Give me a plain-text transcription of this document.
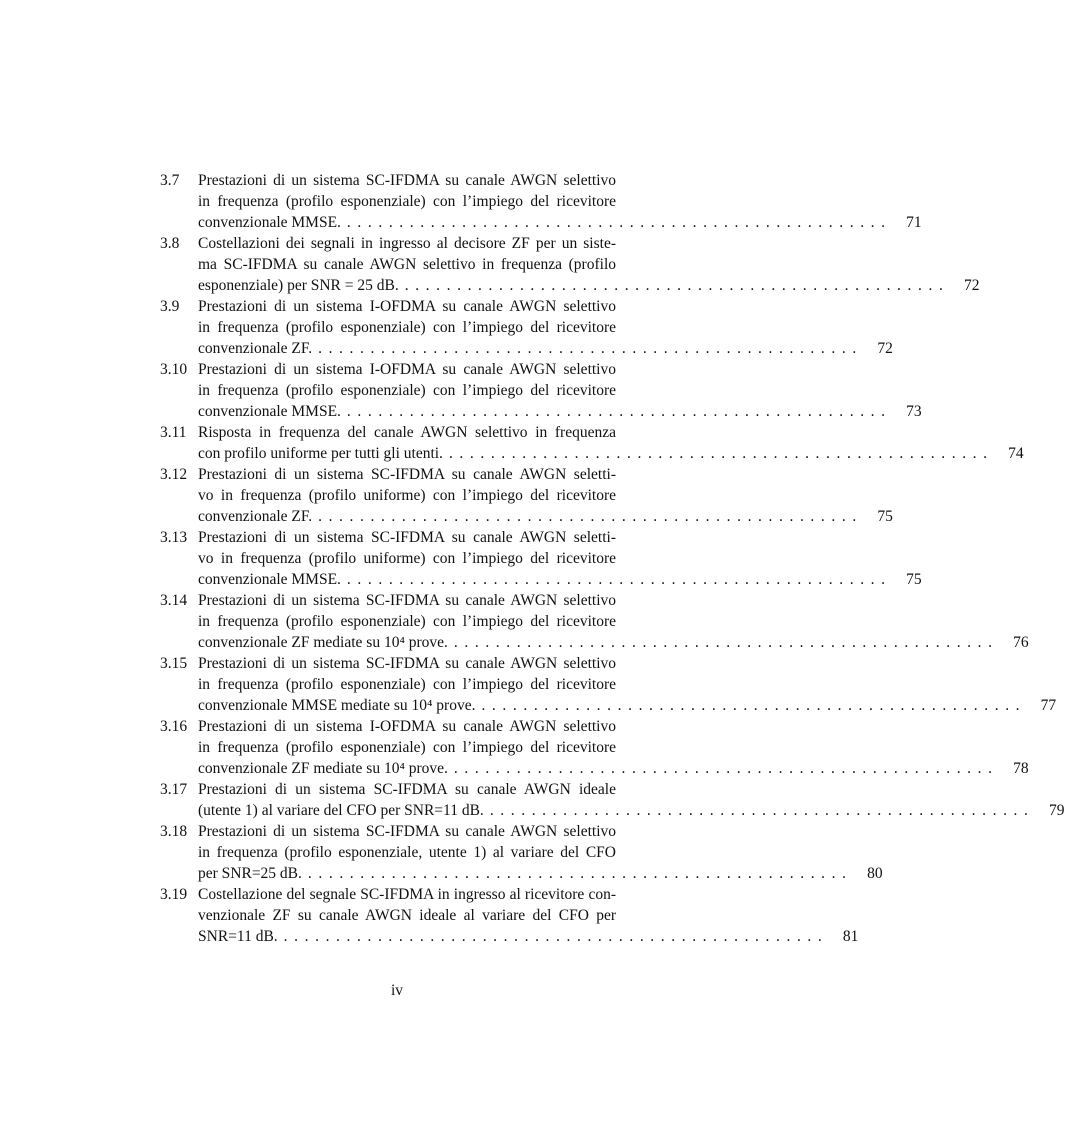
3.7 Prestazioni di un sistema SC-IFDMA su canale AWGN selettivo
in frequenza (profilo esponenziale) con l’impiego del ricevitore
convenzionale MMSE. .................................................... 71
3.8 Costellazioni dei segnali in ingresso al decisore ZF per un siste-
ma SC-IFDMA su canale AWGN selettivo in frequenza (profilo
esponenziale) per SNR = 25 dB. .................................................... 72
3.9 Prestazioni di un sistema I-OFDMA su canale AWGN selettivo
in frequenza (profilo esponenziale) con l’impiego del ricevitore
convenzionale ZF. .................................................... 72
3.10 Prestazioni di un sistema I-OFDMA su canale AWGN selettivo
in frequenza (profilo esponenziale) con l’impiego del ricevitore
convenzionale MMSE. .................................................... 73
3.11 Risposta in frequenza del canale AWGN selettivo in frequenza
con profilo uniforme per tutti gli utenti. .................................................... 74
3.12 Prestazioni di un sistema SC-IFDMA su canale AWGN seletti-
vo in frequenza (profilo uniforme) con l’impiego del ricevitore
convenzionale ZF. .................................................... 75
3.13 Prestazioni di un sistema SC-IFDMA su canale AWGN seletti-
vo in frequenza (profilo uniforme) con l’impiego del ricevitore
convenzionale MMSE. .................................................... 75
3.14 Prestazioni di un sistema SC-IFDMA su canale AWGN selettivo
in frequenza (profilo esponenziale) con l’impiego del ricevitore
convenzionale ZF mediate su 10⁴ prove. .................................................... 76
3.15 Prestazioni di un sistema SC-IFDMA su canale AWGN selettivo
in frequenza (profilo esponenziale) con l’impiego del ricevitore
convenzionale MMSE mediate su 10⁴ prove. .................................................... 77
3.16 Prestazioni di un sistema I-OFDMA su canale AWGN selettivo
in frequenza (profilo esponenziale) con l’impiego del ricevitore
convenzionale ZF mediate su 10⁴ prove. .................................................... 78
3.17 Prestazioni di un sistema SC-IFDMA su canale AWGN ideale
(utente 1) al variare del CFO per SNR=11 dB. .................................................... 79
3.18 Prestazioni di un sistema SC-IFDMA su canale AWGN selettivo
in frequenza (profilo esponenziale, utente 1) al variare del CFO
per SNR=25 dB. .................................................... 80
3.19 Costellazione del segnale SC-IFDMA in ingresso al ricevitore con-
venzionale ZF su canale AWGN ideale al variare del CFO per
SNR=11 dB. .................................................... 81
iv
